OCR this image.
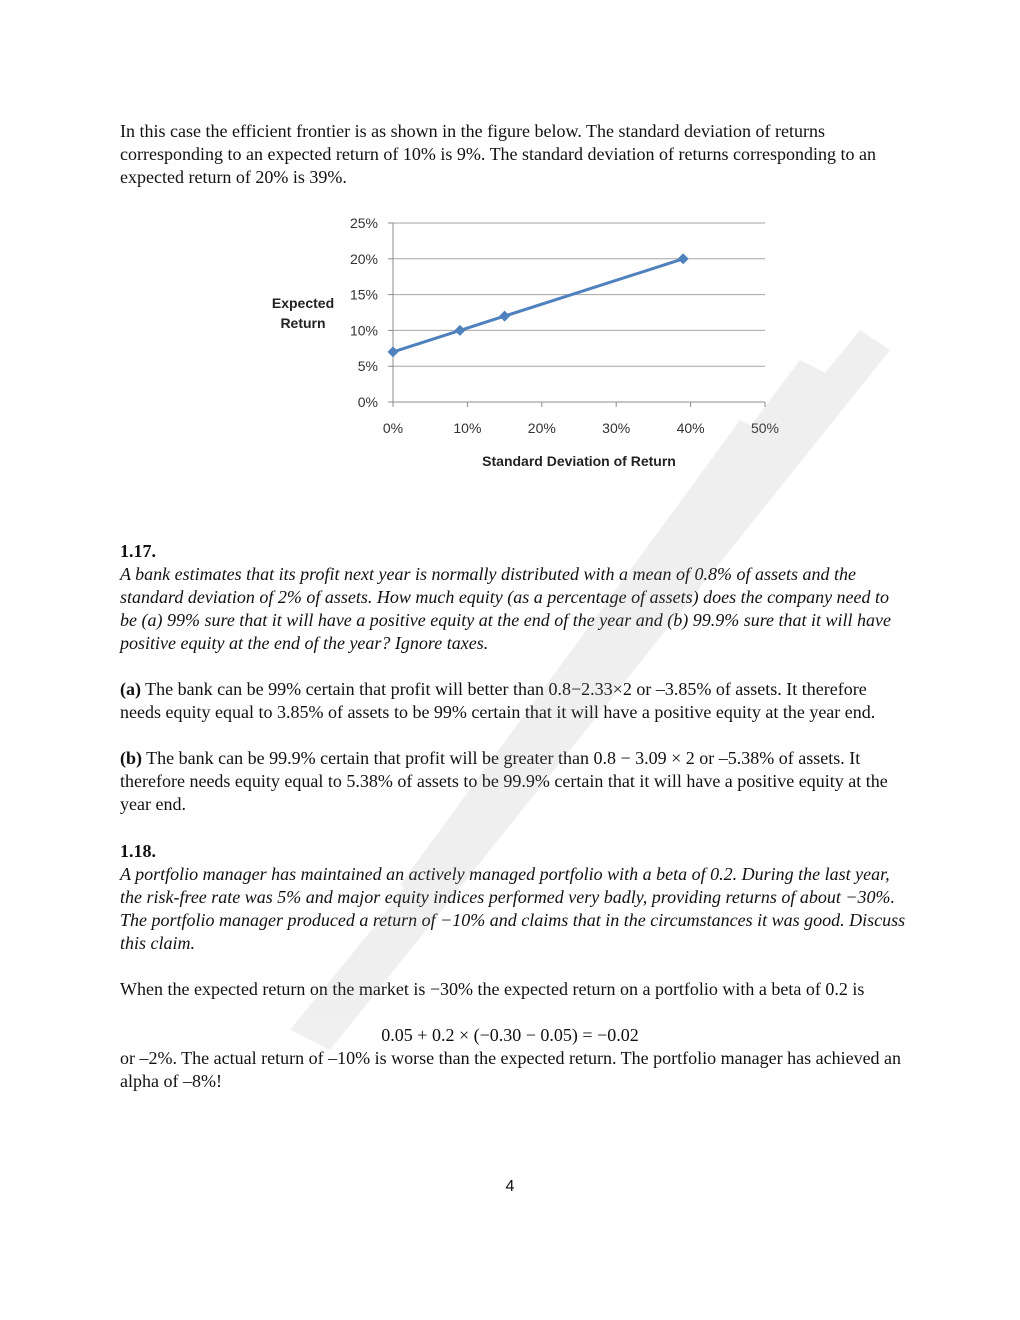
In this case the efficient frontier is as shown in the figure below. The standard deviation of returns corresponding to an expected return of 10% is 9%. The standard deviation of returns corresponding to an expected return of 20% is 39%.

0%
5%
10%
15%
20%
25%
0%	10%	20%	30%	40%	50%
Expected
Return
Standard Deviation of Return

1.17.

A bank estimates that its profit next year is normally distributed with a mean of 0.8% of assets and the standard deviation of 2% of assets. How much equity (as a percentage of assets) does the company need to be (a) 99% sure that it will have a positive equity at the end of the year and (b) 99.9% sure that it will have positive equity at the end of the year? Ignore taxes.

(a) The bank can be 99% certain that profit will better than 0.8−2.33×2 or –3.85% of assets. It therefore needs equity equal to 3.85% of assets to be 99% certain that it will have a positive equity at the year end.

(b) The bank can be 99.9% certain that profit will be greater than 0.8 − 3.09 × 2 or –5.38% of assets. It therefore needs equity equal to 5.38% of assets to be 99.9% certain that it will have a positive equity at the year end.

1.18.

A portfolio manager has maintained an actively managed portfolio with a beta of 0.2. During the last year, the risk-free rate was 5% and major equity indices performed very badly, providing returns of about −30%. The portfolio manager produced a return of −10% and claims that in the circumstances it was good. Discuss this claim.

When the expected return on the market is −30% the expected return on a portfolio with a beta of 0.2 is

0.05 + 0.2 × (−0.30 − 0.05) = −0.02

or –2%. The actual return of –10% is worse than the expected return. The portfolio manager has achieved an alpha of –8%!

4
